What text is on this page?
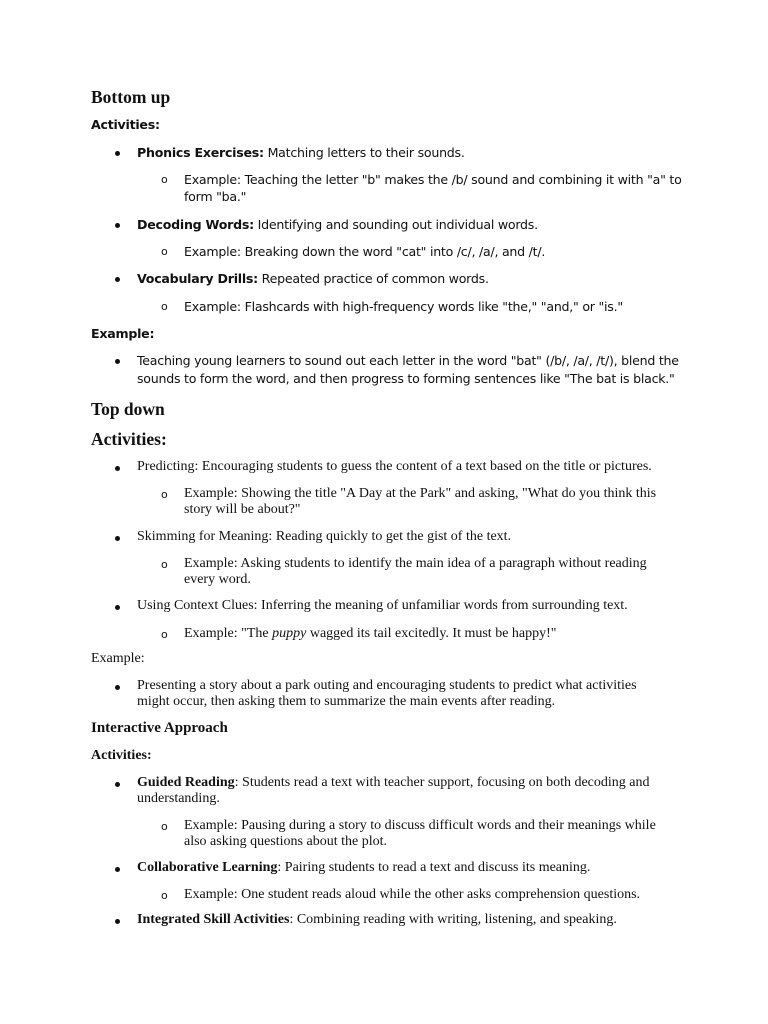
Bottom up
Activities:
Phonics Exercises: Matching letters to their sounds.
o Example: Teaching the letter "b" makes the /b/ sound and combining it with "a" to
form "ba."
Decoding Words: Identifying and sounding out individual words.
o Example: Breaking down the word "cat" into /c/, /a/, and /t/.
Vocabulary Drills: Repeated practice of common words.
o Example: Flashcards with high-frequency words like "the," "and," or "is."
Example:
Teaching young learners to sound out each letter in the word "bat" (/b/, /a/, /t/), blend the
sounds to form the word, and then progress to forming sentences like "The bat is black."
Top down
Activities:
Predicting: Encouraging students to guess the content of a text based on the title or pictures.
o Example: Showing the title "A Day at the Park" and asking, "What do you think this
story will be about?"
Skimming for Meaning: Reading quickly to get the gist of the text.
o Example: Asking students to identify the main idea of a paragraph without reading
every word.
Using Context Clues: Inferring the meaning of unfamiliar words from surrounding text.
o Example: "The puppy wagged its tail excitedly. It must be happy!"
Example:
Presenting a story about a park outing and encouraging students to predict what activities
might occur, then asking them to summarize the main events after reading.
Interactive Approach
Activities:
Guided Reading: Students read a text with teacher support, focusing on both decoding and
understanding.
o Example: Pausing during a story to discuss difficult words and their meanings while
also asking questions about the plot.
Collaborative Learning: Pairing students to read a text and discuss its meaning.
o Example: One student reads aloud while the other asks comprehension questions.
Integrated Skill Activities: Combining reading with writing, listening, and speaking.
